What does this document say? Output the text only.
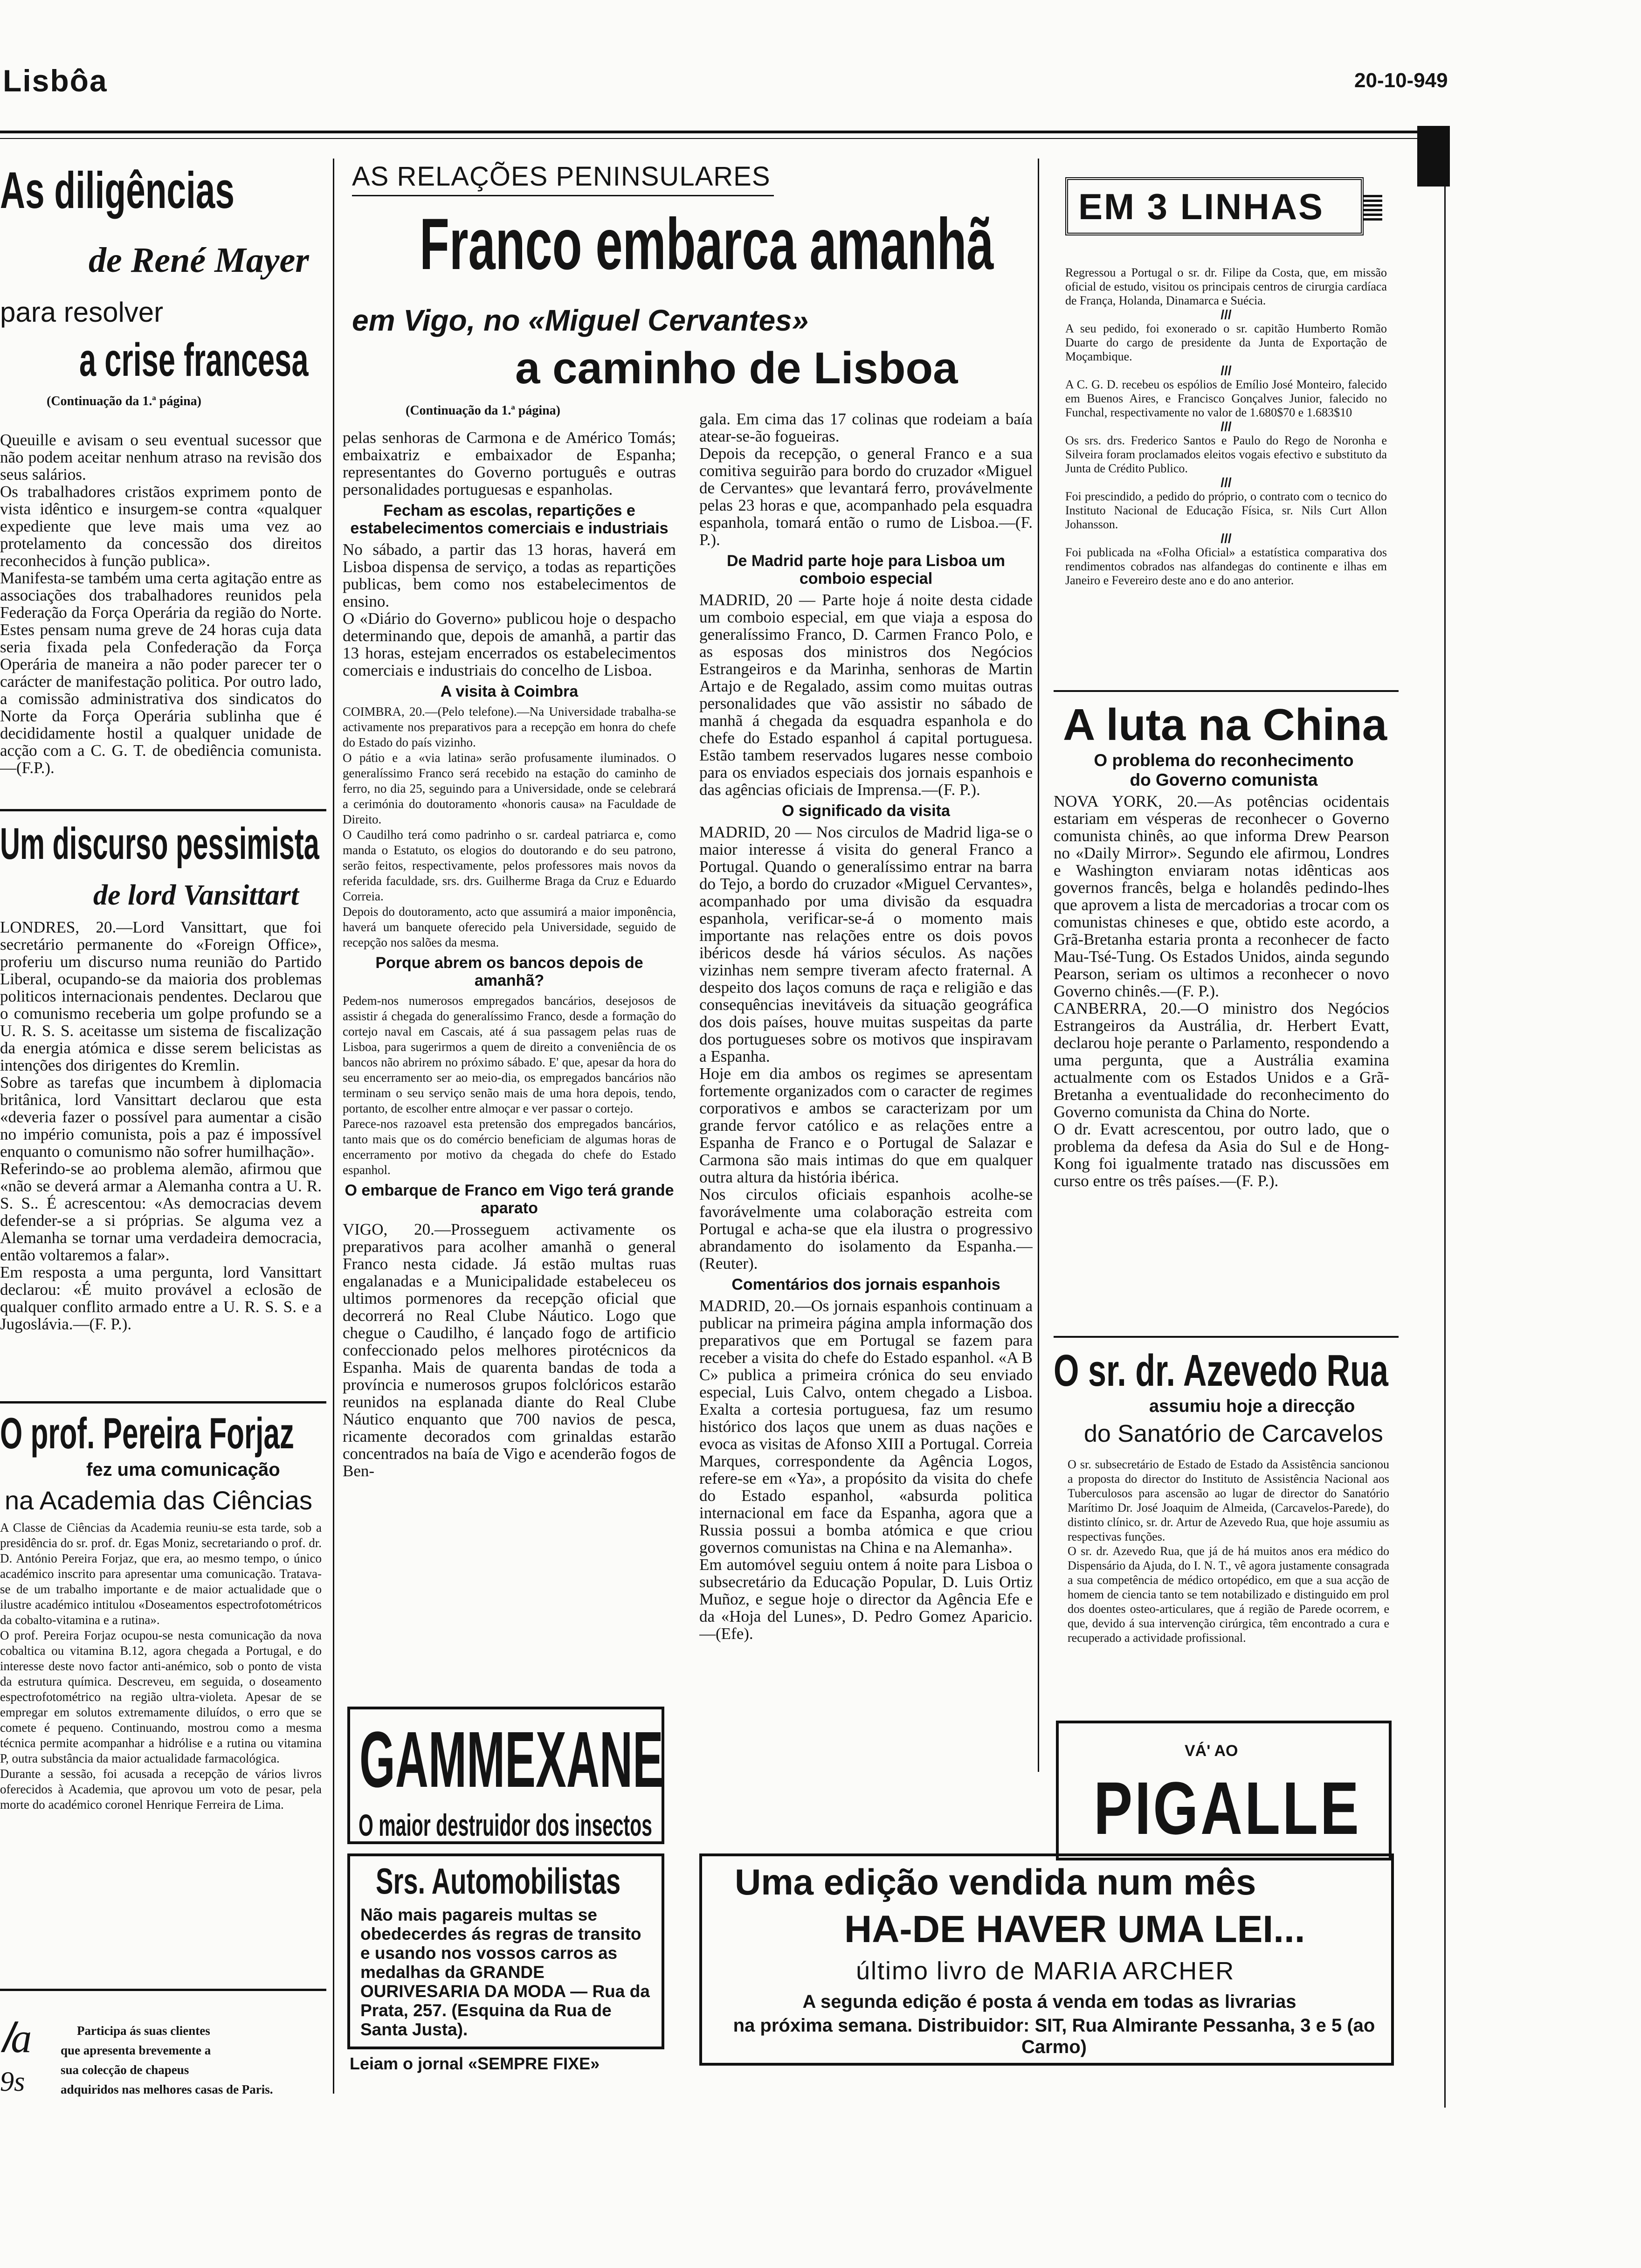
Lisbôa	20-10-949
As diligências
de René Mayer
para resolver
a crise francesa
(Continuação da 1.ª página)
Queuille e avisam o seu eventual sucessor que não podem aceitar nenhum atraso na revisão dos seus salários.
Os trabalhadores cristãos exprimem ponto de vista idêntico e insurgem-se contra «qualquer expediente que leve mais uma vez ao protelamento da concessão dos direitos reconhecidos à função publica».
Manifesta-se também uma certa agitação entre as associações dos trabalhadores reunidos pela Federação da Força Operária da região do Norte. Estes pensam numa greve de 24 horas cuja data seria fixada pela Confederação da Força Operária de maneira a não poder parecer ter o carácter de manifestação politica. Por outro lado, a comissão administrativa dos sindicatos do Norte da Força Operária sublinha que é decididamente hostil a qualquer unidade de acção com a C. G. T. de obediência comunista.—(F.P.).
Um discurso pessimista
de lord Vansittart
LONDRES, 20.—Lord Vansittart, que foi secretário permanente do «Foreign Office», proferiu um discurso numa reunião do Partido Liberal, ocupando-se da maioria dos problemas politicos internacionais pendentes. Declarou que o comunismo receberia um golpe profundo se a U. R. S. S. aceitasse um sistema de fiscalização da energia atómica e disse serem belicistas as intenções dos dirigentes do Kremlin.
Sobre as tarefas que incumbem à diplomacia britânica, lord Vansittart declarou que esta «deveria fazer o possível para aumentar a cisão no império comunista, pois a paz é impossível enquanto o comunismo não sofrer humilhação».
Referindo-se ao problema alemão, afirmou que «não se deverá armar a Alemanha contra a U. R. S. S.. É acrescentou: «As democracias devem defender-se a si próprias. Se alguma vez a Alemanha se tornar uma verdadeira democracia, então voltaremos a falar».
Em resposta a uma pergunta, lord Vansittart declarou: «É muito provável a eclosão de qualquer conflito armado entre a U. R. S. S. e a Jugoslávia.—(F. P.).
O prof. Pereira Forjaz
fez uma comunicação
na Academia das Ciências
A Classe de Ciências da Academia reuniu-se esta tarde, sob a presidência do sr. prof. dr. Egas Moniz, secretariando o prof. dr. D. António Pereira Forjaz, que era, ao mesmo tempo, o único académico inscrito para apresentar uma comunicação. Tratava-se de um trabalho importante e de maior actualidade que o ilustre académico intitulou «Doseamentos espectrofotométricos da cobalto-vitamina e a rutina».
O prof. Pereira Forjaz ocupou-se nesta comunicação da nova cobaltica ou vitamina B.12, agora chegada a Portugal, e do interesse deste novo factor anti-anémico, sob o ponto de vista da estrutura química. Descreveu, em seguida, o doseamento espectrofotométrico na região ultra-violeta. Apesar de se empregar em solutos extremamente diluídos, o erro que se comete é pequeno. Continuando, mostrou como a mesma técnica permite acompanhar a hidrólise e a rutina ou vitamina P, outra substância da maior actualidade farmacológica.
Durante a sessão, foi acusada a recepção de vários livros oferecidos à Academia, que aprovou um voto de pesar, pela morte do académico coronel Henrique Ferreira de Lima.
𝑙a
9s
Participa ás suas clientes
que apresenta brevemente a
sua colecção de chapeus
adquiridos nas melhores casas de Paris.
AS RELAÇÕES PENINSULARES
Franco embarca amanhã
em Vigo, no «Miguel Cervantes»
a caminho de Lisboa
(Continuação da 1.ª página)
pelas senhoras de Carmona e de Américo Tomás; embaixatriz e embaixador de Espanha; representantes do Governo português e outras personalidades portuguesas e espanholas.
Fecham as escolas, repartições e estabelecimentos comerciais e industriais
No sábado, a partir das 13 horas, haverá em Lisboa dispensa de serviço, a todas as repartições publicas, bem como nos estabelecimentos de ensino.
O «Diário do Governo» publicou hoje o despacho determinando que, depois de amanhã, a partir das 13 horas, estejam encerrados os estabelecimentos comerciais e industriais do concelho de Lisboa.
A visita à Coimbra
COIMBRA, 20.—(Pelo telefone).—Na Universidade trabalha-se activamente nos preparativos para a recepção em honra do chefe do Estado do país vizinho.
O pátio e a «via latina» serão profusamente iluminados. O generalíssimo Franco será recebido na estação do caminho de ferro, no dia 25, seguindo para a Universidade, onde se celebrará a cerimónia do doutoramento «honoris causa» na Faculdade de Direito.
O Caudilho terá como padrinho o sr. cardeal patriarca e, como manda o Estatuto, os elogios do doutorando e do seu patrono, serão feitos, respectivamente, pelos professores mais novos da referida faculdade, srs. drs. Guilherme Braga da Cruz e Eduardo Correia.
Depois do doutoramento, acto que assumirá a maior imponência, haverá um banquete oferecido pela Universidade, seguido de recepção nos salões da mesma.
Porque abrem os bancos depois de amanhã?
Pedem-nos numerosos empregados bancários, desejosos de assistir á chegada do generalíssimo Franco, desde a formação do cortejo naval em Cascais, até á sua passagem pelas ruas de Lisboa, para sugerirmos a quem de direito a conveniência de os bancos não abrirem no próximo sábado. E' que, apesar da hora do seu encerramento ser ao meio-dia, os empregados bancários não terminam o seu serviço senão mais de uma hora depois, tendo, portanto, de escolher entre almoçar e ver passar o cortejo.
Parece-nos razoavel esta pretensão dos empregados bancários, tanto mais que os do comércio beneficiam de algumas horas de encerramento por motivo da chegada do chefe do Estado espanhol.
O embarque de Franco em Vigo terá grande aparato
VIGO, 20.—Prosseguem activamente os preparativos para acolher amanhã o general Franco nesta cidade. Já estão multas ruas engalanadas e a Municipalidade estabeleceu os ultimos pormenores da recepção oficial que decorrerá no Real Clube Náutico. Logo que chegue o Caudilho, é lançado fogo de artificio confeccionado pelos melhores pirotécnicos da Espanha. Mais de quarenta bandas de toda a província e numerosos grupos folclóricos estarão reunidos na esplanada diante do Real Clube Náutico enquanto que 700 navios de pesca, ricamente decorados com grinaldas estarão concentrados na baía de Vigo e acenderão fogos de Ben-
gala. Em cima das 17 colinas que rodeiam a baía atear-se-ão fogueiras.
Depois da recepção, o general Franco e a sua comitiva seguirão para bordo do cruzador «Miguel de Cervantes» que levantará ferro, provávelmente pelas 23 horas e que, acompanhado pela esquadra espanhola, tomará então o rumo de Lisboa.—(F. P.).
De Madrid parte hoje para Lisboa um comboio especial
MADRID, 20 — Parte hoje á noite desta cidade um comboio especial, em que viaja a esposa do generalíssimo Franco, D. Carmen Franco Polo, e as esposas dos ministros dos Negócios Estrangeiros e da Marinha, senhoras de Martin Artajo e de Regalado, assim como muitas outras personalidades que vão assistir no sábado de manhã á chegada da esquadra espanhola e do chefe do Estado espanhol á capital portuguesa. Estão tambem reservados lugares nesse comboio para os enviados especiais dos jornais espanhois e das agências oficiais de Imprensa.—(F. P.).
O significado da visita
MADRID, 20 — Nos circulos de Madrid liga-se o maior interesse á visita do general Franco a Portugal. Quando o generalíssimo entrar na barra do Tejo, a bordo do cruzador «Miguel Cervantes», acompanhado por uma divisão da esquadra espanhola, verificar-se-á o momento mais importante nas relações entre os dois povos ibéricos desde há vários séculos. As nações vizinhas nem sempre tiveram afecto fraternal. A despeito dos laços comuns de raça e religião e das consequências inevitáveis da situação geográfica dos dois países, houve muitas suspeitas da parte dos portugueses sobre os motivos que inspiravam a Espanha.
Hoje em dia ambos os regimes se apresentam fortemente organizados com o caracter de regimes corporativos e ambos se caracterizam por um grande fervor católico e as relações entre a Espanha de Franco e o Portugal de Salazar e Carmona são mais intimas do que em qualquer outra altura da história ibérica.
Nos circulos oficiais espanhois acolhe-se favorávelmente uma colaboração estreita com Portugal e acha-se que ela ilustra o progressivo abrandamento do isolamento da Espanha.—(Reuter).
Comentários dos jornais espanhois
MADRID, 20.—Os jornais espanhois continuam a publicar na primeira página ampla informação dos preparativos que em Portugal se fazem para receber a visita do chefe do Estado espanhol. «A B C» publica a primeira crónica do seu enviado especial, Luis Calvo, ontem chegado a Lisboa. Exalta a cortesia portuguesa, faz um resumo histórico dos laços que unem as duas nações e evoca as visitas de Afonso XIII a Portugal. Correia Marques, correspondente da Agência Logos, refere-se em «Ya», a propósito da visita do chefe do Estado espanhol, «absurda politica internacional em face da Espanha, agora que a Russia possui a bomba atómica e que criou governos comunistas na China e na Alemanha».
Em automóvel seguiu ontem á noite para Lisboa o subsecretário da Educação Popular, D. Luis Ortiz Muñoz, e segue hoje o director da Agência Efe e da «Hoja del Lunes», D. Pedro Gomez Aparicio.—(Efe).
GAMMEXANE
O maior destruidor dos insectos
Srs. Automobilistas
Não mais pagareis multas se obedecerdes ás regras de transito e usando nos vossos carros as medalhas da GRANDE OURIVESARIA DA MODA — Rua da Prata, 257. (Esquina da Rua de Santa Justa).
Leiam o jornal «SEMPRE FIXE»
EM 3 LINHAS
Regressou a Portugal o sr. dr. Filipe da Costa, que, em missão oficial de estudo, visitou os principais centros de cirurgia cardíaca de França, Holanda, Dinamarca e Suécia.
///
A seu pedido, foi exonerado o sr. capitão Humberto Romão Duarte do cargo de presidente da Junta de Exportação de Moçambique.
///
A C. G. D. recebeu os espólios de Emílio José Monteiro, falecido em Buenos Aires, e Francisco Gonçalves Junior, falecido no Funchal, respectivamente no valor de 1.680$70 e 1.683$10
///
Os srs. drs. Frederico Santos e Paulo do Rego de Noronha e Silveira foram proclamados eleitos vogais efectivo e substituto da Junta de Crédito Publico.
///
Foi prescindido, a pedido do próprio, o contrato com o tecnico do Instituto Nacional de Educação Física, sr. Nils Curt Allon Johansson.
///
Foi publicada na «Folha Oficial» a estatística comparativa dos rendimentos cobrados nas alfandegas do continente e ilhas em Janeiro e Fevereiro deste ano e do ano anterior.
A luta na China
O problema do reconhecimento do Governo comunista
NOVA YORK, 20.—As potências ocidentais estariam em vésperas de reconhecer o Governo comunista chinês, ao que informa Drew Pearson no «Daily Mirror». Segundo ele afirmou, Londres e Washington enviaram notas idênticas aos governos francês, belga e holandês pedindo-lhes que aprovem a lista de mercadorias a trocar com os comunistas chineses e que, obtido este acordo, a Grã-Bretanha estaria pronta a reconhecer de facto Mau-Tsé-Tung. Os Estados Unidos, ainda segundo Pearson, seriam os ultimos a reconhecer o novo Governo chinês.—(F. P.).
CANBERRA, 20.—O ministro dos Negócios Estrangeiros da Austrália, dr. Herbert Evatt, declarou hoje perante o Parlamento, respondendo a uma pergunta, que a Austrália examina actualmente com os Estados Unidos e a Grã-Bretanha a eventualidade do reconhecimento do Governo comunista da China do Norte.
O dr. Evatt acrescentou, por outro lado, que o problema da defesa da Asia do Sul e de Hong-Kong foi igualmente tratado nas discussões em curso entre os três países.—(F. P.).
O sr. dr. Azevedo Rua
assumiu hoje a direcção
do Sanatório de Carcavelos
O sr. subsecretário de Estado de Estado da Assistência sancionou a proposta do director do Instituto de Assistência Nacional aos Tuberculosos para ascensão ao lugar de director do Sanatório Marítimo Dr. José Joaquim de Almeida, (Carcavelos-Parede), do distinto clínico, sr. dr. Artur de Azevedo Rua, que hoje assumiu as respectivas funções.
O sr. dr. Azevedo Rua, que já de há muitos anos era médico do Dispensário da Ajuda, do I. N. T., vê agora justamente consagrada a sua competência de médico ortopédico, em que a sua acção de homem de ciencia tanto se tem notabilizado e distinguido em prol dos doentes osteo-articulares, que á região de Parede ocorrem, e que, devido á sua intervenção cirúrgica, têm encontrado a cura e recuperado a actividade profissional.
VÁ' AO
PIGALLE
Uma edição vendida num mês
HA-DE HAVER UMA LEI...
último livro de MARIA ARCHER
A segunda edição é posta á venda em todas as livrarias
na próxima semana. Distribuidor: SIT, Rua Almirante Pessanha, 3 e 5 (ao Carmo)
